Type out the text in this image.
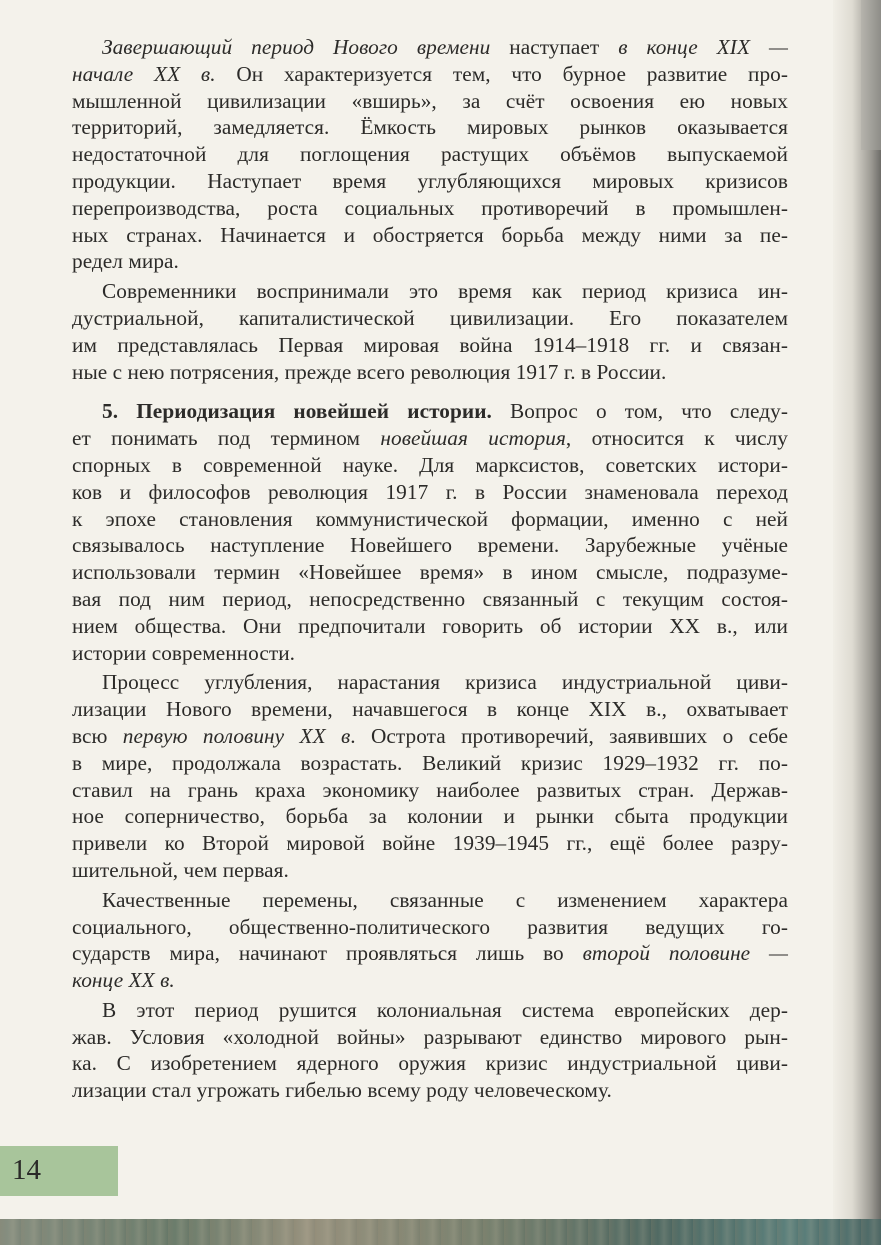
Завершающий период Нового времени наступает в конце XIX —
начале XX в. Он характеризуется тем, что бурное развитие про-
мышленной цивилизации «вширь», за счёт освоения ею новых
территорий, замедляется. Ёмкость мировых рынков оказывается
недостаточной для поглощения растущих объёмов выпускаемой
продукции. Наступает время углубляющихся мировых кризисов
перепроизводства, роста социальных противоречий в промышлен-
ных странах. Начинается и обостряется борьба между ними за пе-
редел мира.
Современники воспринимали это время как период кризиса ин-
дустриальной, капиталистической цивилизации. Его показателем
им представлялась Первая мировая война 1914–1918 гг. и связан-
ные с нею потрясения, прежде всего революция 1917 г. в России.
5. Периодизация новейшей истории. Вопрос о том, что следу-
ет понимать под термином новейшая история, относится к числу
спорных в современной науке. Для марксистов, советских истори-
ков и философов революция 1917 г. в России знаменовала переход
к эпохе становления коммунистической формации, именно с ней
связывалось наступление Новейшего времени. Зарубежные учёные
использовали термин «Новейшее время» в ином смысле, подразуме-
вая под ним период, непосредственно связанный с текущим состоя-
нием общества. Они предпочитали говорить об истории XX в., или
истории современности.
Процесс углубления, нарастания кризиса индустриальной циви-
лизации Нового времени, начавшегося в конце XIX в., охватывает
всю первую половину XX в. Острота противоречий, заявивших о себе
в мире, продолжала возрастать. Великий кризис 1929–1932 гг. по-
ставил на грань краха экономику наиболее развитых стран. Держав-
ное соперничество, борьба за колонии и рынки сбыта продукции
привели ко Второй мировой войне 1939–1945 гг., ещё более разру-
шительной, чем первая.
Качественные перемены, связанные с изменением характера
социального, общественно-политического развития ведущих го-
сударств мира, начинают проявляться лишь во второй половине —
конце XX в.
В этот период рушится колониальная система европейских дер-
жав. Условия «холодной войны» разрывают единство мирового рын-
ка. С изобретением ядерного оружия кризис индустриальной циви-
лизации стал угрожать гибелью всему роду человеческому.
14
